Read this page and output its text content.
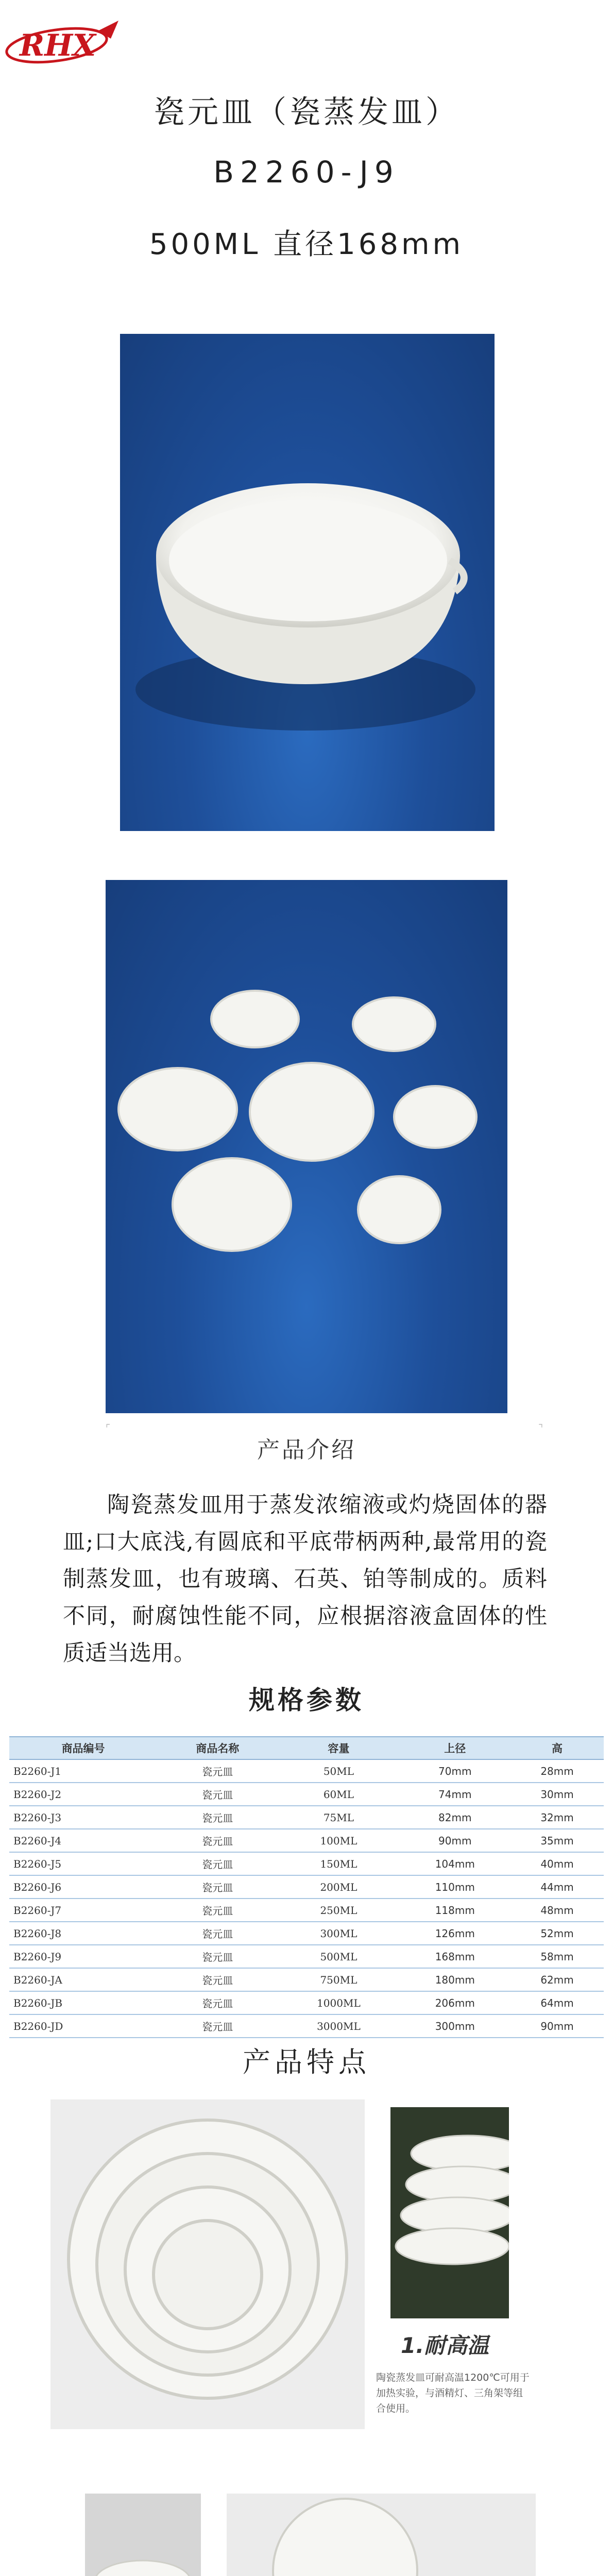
RHX
瓷元皿（瓷蒸发皿）
B2260-J9
500ML 直径168mm
⌜	⌝
产品介绍
陶瓷蒸发皿用于蒸发浓缩液或灼烧固体的器皿;口大底浅,有圆底和平底带柄两种,最常用的瓷制蒸发皿，也有玻璃、石英、铂等制成的。质料不同，耐腐蚀性能不同，应根据溶液盒固体的性质适当选用。
规格参数
商品编号	商品名称	容量	上径	高
B2260-J1	瓷元皿	50ML	70mm	28mm
B2260-J2	瓷元皿	60ML	74mm	30mm
B2260-J3	瓷元皿	75ML	82mm	32mm
B2260-J4	瓷元皿	100ML	90mm	35mm
B2260-J5	瓷元皿	150ML	104mm	40mm
B2260-J6	瓷元皿	200ML	110mm	44mm
B2260-J7	瓷元皿	250ML	118mm	48mm
B2260-J8	瓷元皿	300ML	126mm	52mm
B2260-J9	瓷元皿	500ML	168mm	58mm
B2260-JA	瓷元皿	750ML	180mm	62mm
B2260-JB	瓷元皿	1000ML	206mm	64mm
B2260-JD	瓷元皿	3000ML	300mm	90mm
产品特点
1.耐高温
陶瓷蒸发皿可耐高温1200℃可用于加热实验，与酒精灯、三角架等组合使用。
